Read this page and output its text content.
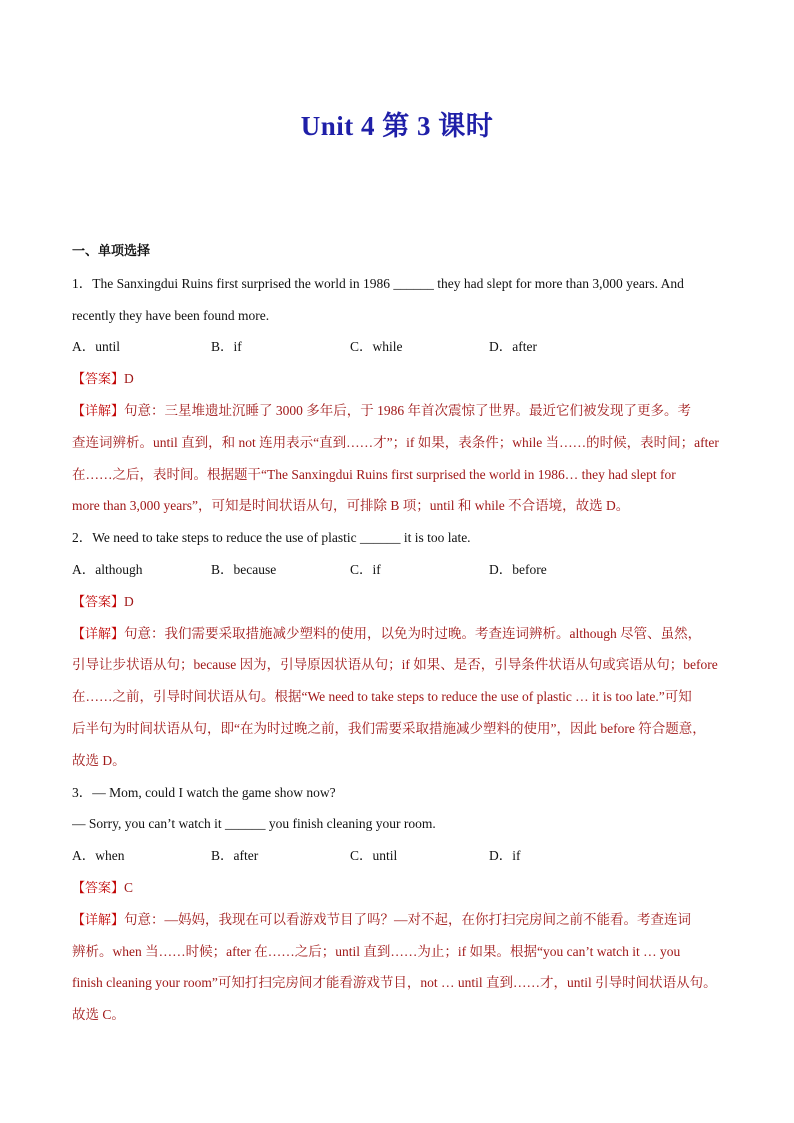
Unit 4 第 3 课时
一、单项选择
1．The Sanxingdui Ruins first surprised the world in 1986 ______ they had slept for more than 3,000 years. And
recently they have been found more.
A．until	B．if	C．while	D．after
【答案】D
【详解】句意：三星堆遗址沉睡了 3000 多年后，于 1986 年首次震惊了世界。最近它们被发现了更多。考
查连词辨析。until 直到，和 not 连用表示“直到……才”；if 如果，表条件；while 当……的时候，表时间；after
在……之后，表时间。根据题干“The Sanxingdui Ruins first surprised the world in 1986… they had slept for
more than 3,000 years”，可知是时间状语从句，可排除 B 项；until 和 while 不合语境，故选 D。
2．We need to take steps to reduce the use of plastic ______ it is too late.
A．although	B．because	C．if	D．before
【答案】D
【详解】句意：我们需要采取措施减少塑料的使用，以免为时过晚。考查连词辨析。although 尽管、虽然，
引导让步状语从句；because 因为，引导原因状语从句；if 如果、是否，引导条件状语从句或宾语从句；before
在……之前，引导时间状语从句。根据“We need to take steps to reduce the use of plastic … it is too late.”可知
后半句为时间状语从句，即“在为时过晚之前，我们需要采取措施减少塑料的使用”，因此 before 符合题意，
故选 D。
3．— Mom, could I watch the game show now?
— Sorry, you can’t watch it ______ you finish cleaning your room.
A．when	B．after	C．until	D．if
【答案】C
【详解】句意：—妈妈，我现在可以看游戏节目了吗？—对不起，在你打扫完房间之前不能看。考查连词
辨析。when 当……时候；after 在……之后；until 直到……为止；if 如果。根据“you can’t watch it … you
finish cleaning your room”可知打扫完房间才能看游戏节目，not … until 直到……才，until 引导时间状语从句。
故选 C。
